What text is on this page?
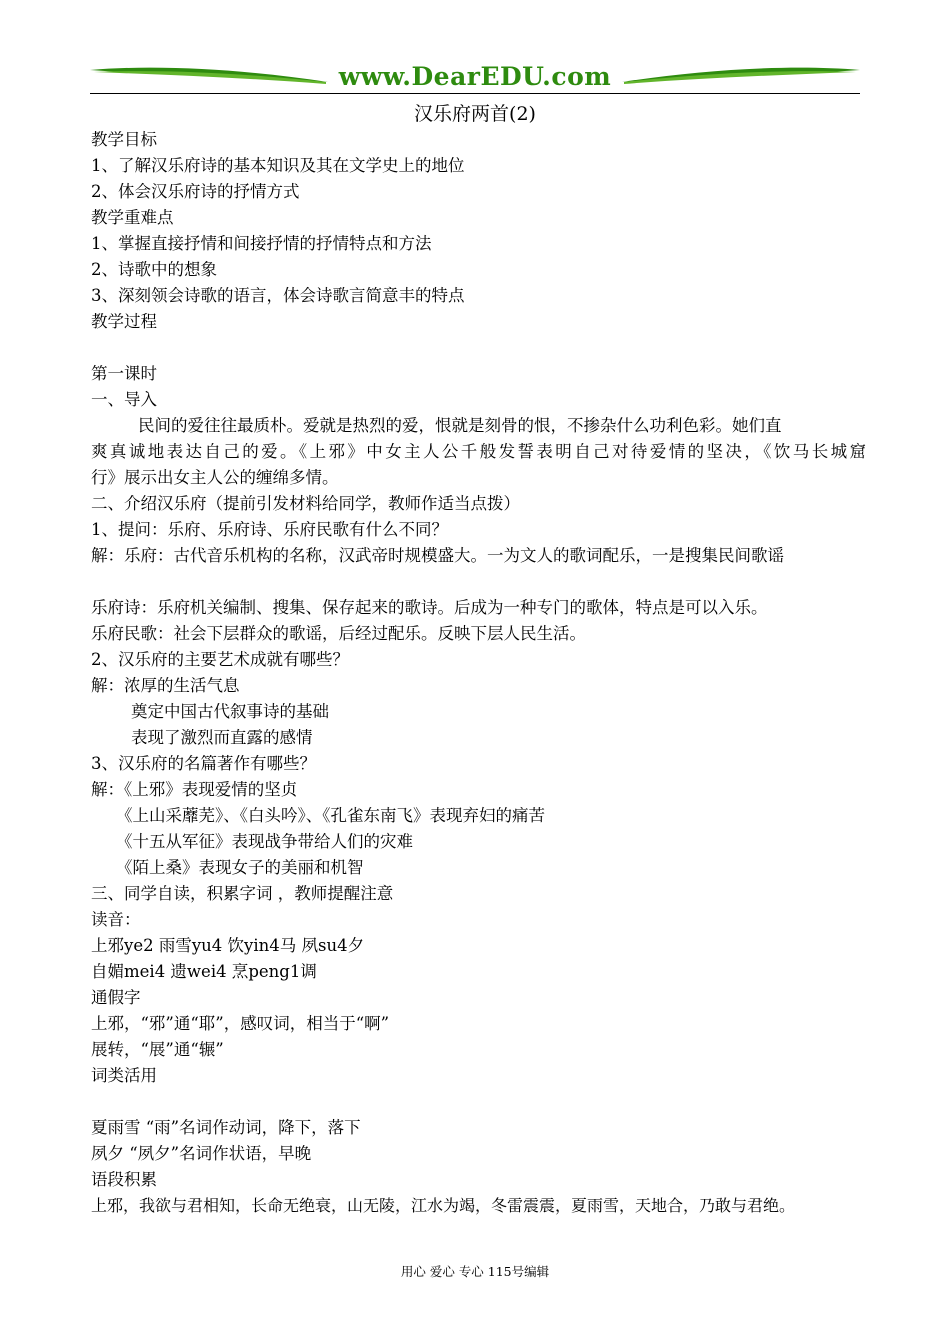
www.DearEDU.com
汉乐府两首(2)
教学目标
1、了解汉乐府诗的基本知识及其在文学史上的地位
2、体会汉乐府诗的抒情方式
教学重难点
1、掌握直接抒情和间接抒情的抒情特点和方法
2、诗歌中的想象
3、深刻领会诗歌的语言，体会诗歌言简意丰的特点
教学过程
第一课时
一、导入
民间的爱往往最质朴。爱就是热烈的爱，恨就是刻骨的恨，不掺杂什么功利色彩。她们直
爽真诚地表达自己的爱。《上邪》中女主人公千般发誓表明自己对待爱情的坚决，《饮马长城窟
行》展示出女主人公的缠绵多情。
二、介绍汉乐府（提前引发材料给同学，教师作适当点拨）
1、提问：乐府、乐府诗、乐府民歌有什么不同？
解：乐府：古代音乐机构的名称，汉武帝时规模盛大。一为文人的歌词配乐，一是搜集民间歌谣
乐府诗：乐府机关编制、搜集、保存起来的歌诗。后成为一种专门的歌体，特点是可以入乐。
乐府民歌：社会下层群众的歌谣，后经过配乐。反映下层人民生活。
2、汉乐府的主要艺术成就有哪些？
解：浓厚的生活气息
奠定中国古代叙事诗的基础
表现了激烈而直露的感情
3、汉乐府的名篇著作有哪些？
解：《上邪》表现爱情的坚贞
《上山采蘼芜》、《白头吟》、《孔雀东南飞》表现弃妇的痛苦
《十五从军征》表现战争带给人们的灾难
《陌上桑》表现女子的美丽和机智
三、同学自读，积累字词 ，教师提醒注意
读音：
上邪ye2 雨雪yu4 饮yin4马 夙su4夕
自媚mei4 遗wei4 烹peng1调
通假字
上邪，“邪”通“耶”，感叹词，相当于“啊”
展转，“展”通“辗”
词类活用
夏雨雪 “雨”名词作动词，降下，落下
夙夕 “夙夕”名词作状语，早晚
语段积累
上邪，我欲与君相知，长命无绝衰，山无陵，江水为竭，冬雷震震，夏雨雪，天地合，乃敢与君绝。
用心 爱心 专心 115号编辑
